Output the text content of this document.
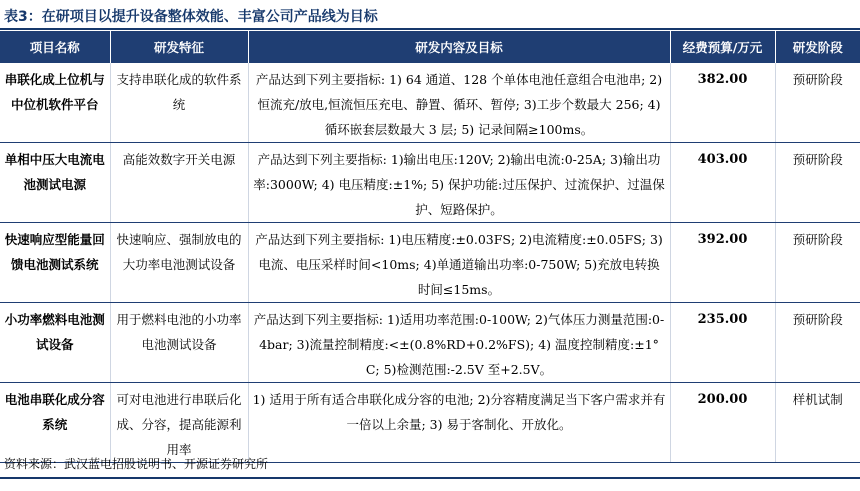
表3：在研项目以提升设备整体效能、丰富公司产品线为目标
项目名称	研发特征	研发内容及目标	经费预算/万元	研发阶段
串联化成上位机与中位机软件平台	支持串联化成的软件系统	产品达到下列主要指标: 1) 64 通道、128 个单体电池任意组合电池串; 2) 恒流充/放电,恒流恒压充电、静置、循环、暂停; 3)工步个数最大 256; 4) 循环嵌套层数最大 3 层; 5) 记录间隔≥100ms。	382.00	预研阶段
单相中压大电流电池测试电源	高能效数字开关电源	产品达到下列主要指标: 1)输出电压:120V; 2)输出电流:0-25A; 3)输出功率:3000W; 4) 电压精度:±1%; 5) 保护功能:过压保护、过流保护、过温保护、短路保护。	403.00	预研阶段
快速响应型能量回馈电池测试系统	快速响应、强制放电的大功率电池测试设备	产品达到下列主要指标: 1)电压精度:±0.03FS; 2)电流精度:±0.05FS; 3)电流、电压采样时间<10ms; 4)单通道输出功率:0-750W; 5)充放电转换时间≤15ms。	392.00	预研阶段
小功率燃料电池测试设备	用于燃料电池的小功率电池测试设备	产品达到下列主要指标: 1)适用功率范围:0-100W; 2)气体压力测量范围:0-4bar; 3)流量控制精度:<±(0.8%RD+0.2%FS); 4) 温度控制精度:±1° C; 5)检测范围:-2.5V 至+2.5V。	235.00	预研阶段
电池串联化成分容系统	可对电池进行串联后化成、分容，提高能源利用率	1) 适用于所有适合串联化成分容的电池; 2)分容精度满足当下客户需求并有一倍以上余量; 3) 易于客制化、开放化。	200.00	样机试制
资料来源：武汉蓝电招股说明书、开源证券研究所
